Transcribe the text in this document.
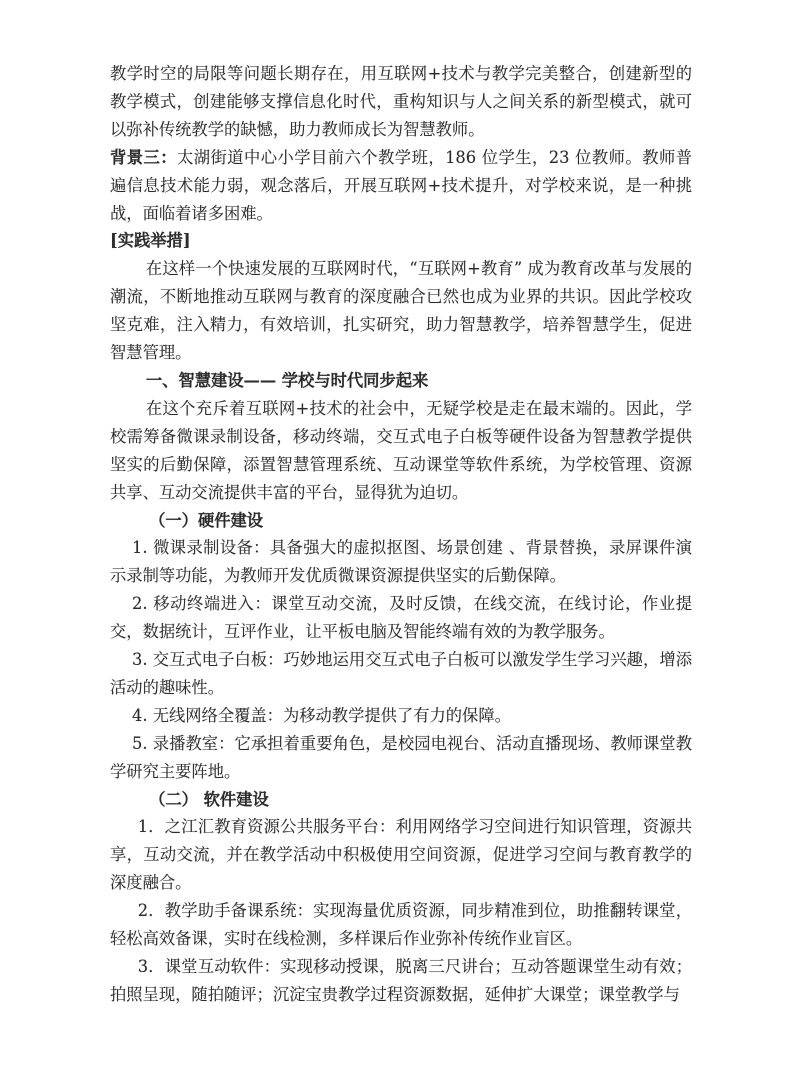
教学时空的局限等问题长期存在，用互联网+技术与教学完美整合，创建新型的教学模式，创建能够支撑信息化时代，重构知识与人之间关系的新型模式，就可以弥补传统教学的缺憾，助力教师成长为智慧教师。

背景三：太湖街道中心小学目前六个教学班，186 位学生，23 位教师。教师普遍信息技术能力弱，观念落后，开展互联网+技术提升，对学校来说，是一种挑战，面临着诸多困难。

[实践举措]

在这样一个快速发展的互联网时代，“互联网+教育” 成为教育改革与发展的潮流，不断地推动互联网与教育的深度融合已然也成为业界的共识。因此学校攻坚克难，注入精力，有效培训，扎实研究，助力智慧教学，培养智慧学生，促进智慧管理。

一、智慧建设—— 学校与时代同步起来

在这个充斥着互联网+技术的社会中，无疑学校是走在最末端的。因此，学校需筹备微课录制设备，移动终端，交互式电子白板等硬件设备为智慧教学提供坚实的后勤保障，添置智慧管理系统、互动课堂等软件系统，为学校管理、资源共享、互动交流提供丰富的平台，显得犹为迫切。

（一）硬件建设

1. 微课录制设备：具备强大的虚拟抠图、场景创建 、背景替换，录屏课件演示录制等功能，为教师开发优质微课资源提供坚实的后勤保障。

2. 移动终端进入：课堂互动交流，及时反馈，在线交流，在线讨论，作业提交，数据统计，互评作业，让平板电脑及智能终端有效的为教学服务。

3. 交互式电子白板：巧妙地运用交互式电子白板可以激发学生学习兴趣，增添活动的趣味性。

4. 无线网络全覆盖：为移动教学提供了有力的保障。

5. 录播教室：它承担着重要角色，是校园电视台、活动直播现场、教师课堂教学研究主要阵地。

（二） 软件建设

1．之江汇教育资源公共服务平台：利用网络学习空间进行知识管理，资源共享，互动交流，并在教学活动中积极使用空间资源，促进学习空间与教育教学的深度融合。

2．教学助手备课系统：实现海量优质资源，同步精准到位，助推翻转课堂，轻松高效备课，实时在线检测，多样课后作业弥补传统作业盲区。

3．课堂互动软件：实现移动授课，脱离三尺讲台；互动答题课堂生动有效；拍照呈现，随拍随评；沉淀宝贵教学过程资源数据，延伸扩大课堂；课堂教学与
